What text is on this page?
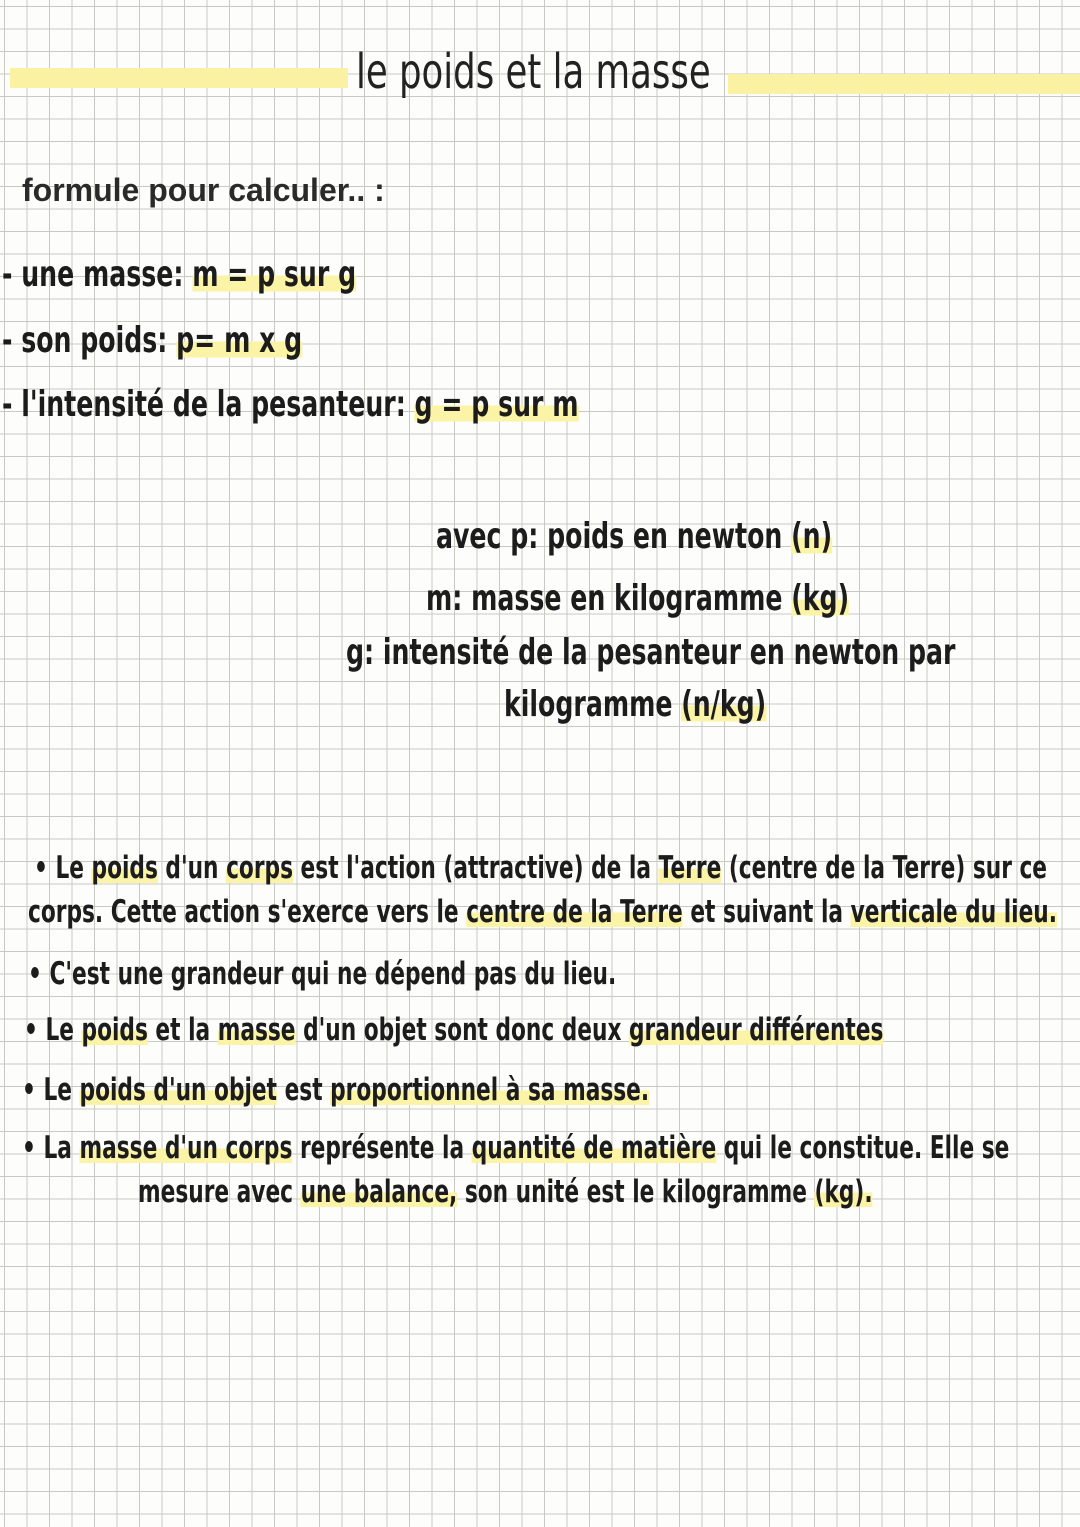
le poids et la masse
formule pour calculer.. :
- une masse: m = p sur g
- son poids: p= m x g
- l'intensité de la pesanteur: g = p sur m
avec p: poids en newton (n)
m: masse en kilogramme (kg)
g: intensité de la pesanteur en newton par
kilogramme (n/kg)
• Le poids d'un corps est l'action (attractive) de la Terre (centre de la Terre) sur ce
corps. Cette action s'exerce vers le centre de la Terre et suivant la verticale du lieu.
• C'est une grandeur qui ne dépend pas du lieu.
• Le poids et la masse d'un objet sont donc deux grandeur différentes
• Le poids d'un objet est proportionnel à sa masse.
• La masse d'un corps représente la quantité de matière qui le constitue. Elle se
mesure avec une balance, son unité est le kilogramme (kg).
